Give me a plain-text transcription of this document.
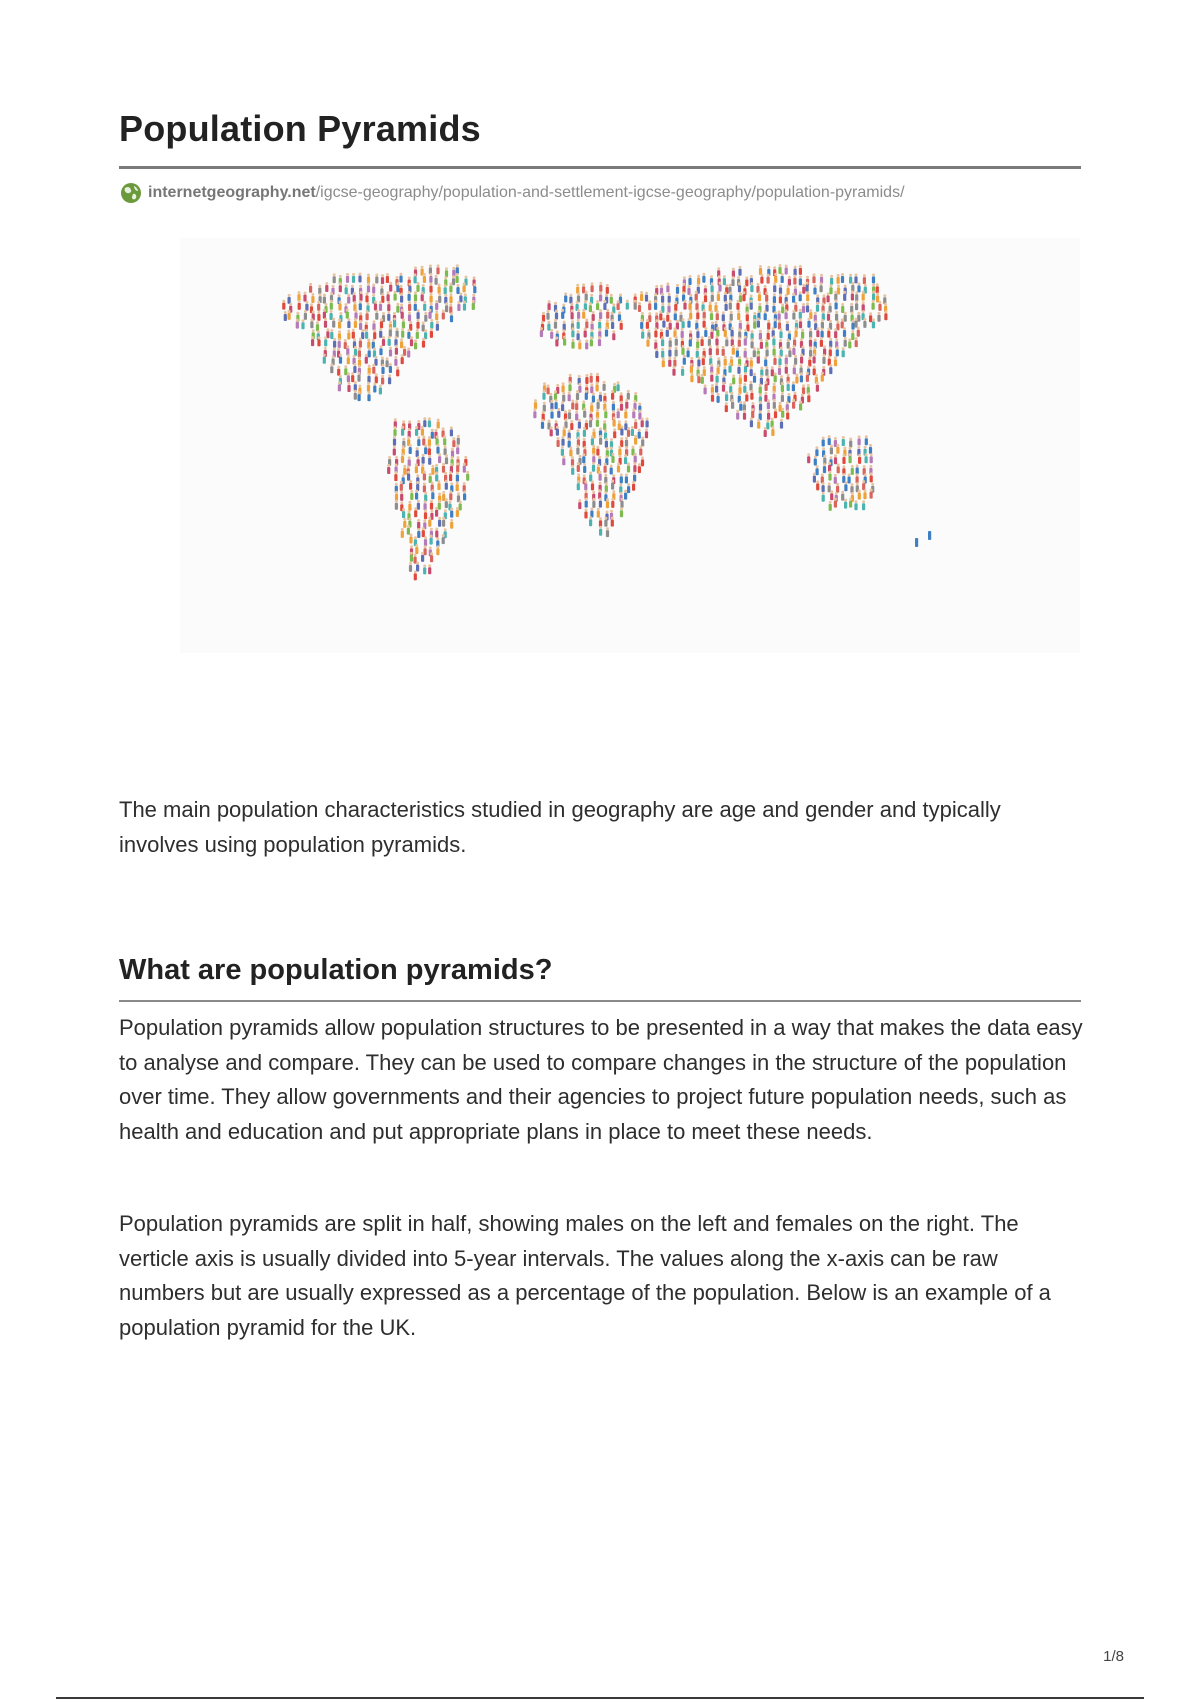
Population Pyramids
internetgeography.net /igcse-geography/population-and-settlement-igcse-geography/population-pyramids/

The main population characteristics studied in geography are age and gender and typically involves using population pyramids.

What are population pyramids?

Population pyramids allow population structures to be presented in a way that makes the data easy to analyse and compare. They can be used to compare changes in the structure of the population over time. They allow governments and their agencies to project future population needs, such as health and education and put appropriate plans in place to meet these needs.

Population pyramids are split in half, showing males on the left and females on the right. The verticle axis is usually divided into 5-year intervals. The values along the x-axis can be raw numbers but are usually expressed as a percentage of the population. Below is an example of a population pyramid for the UK.

1/8
